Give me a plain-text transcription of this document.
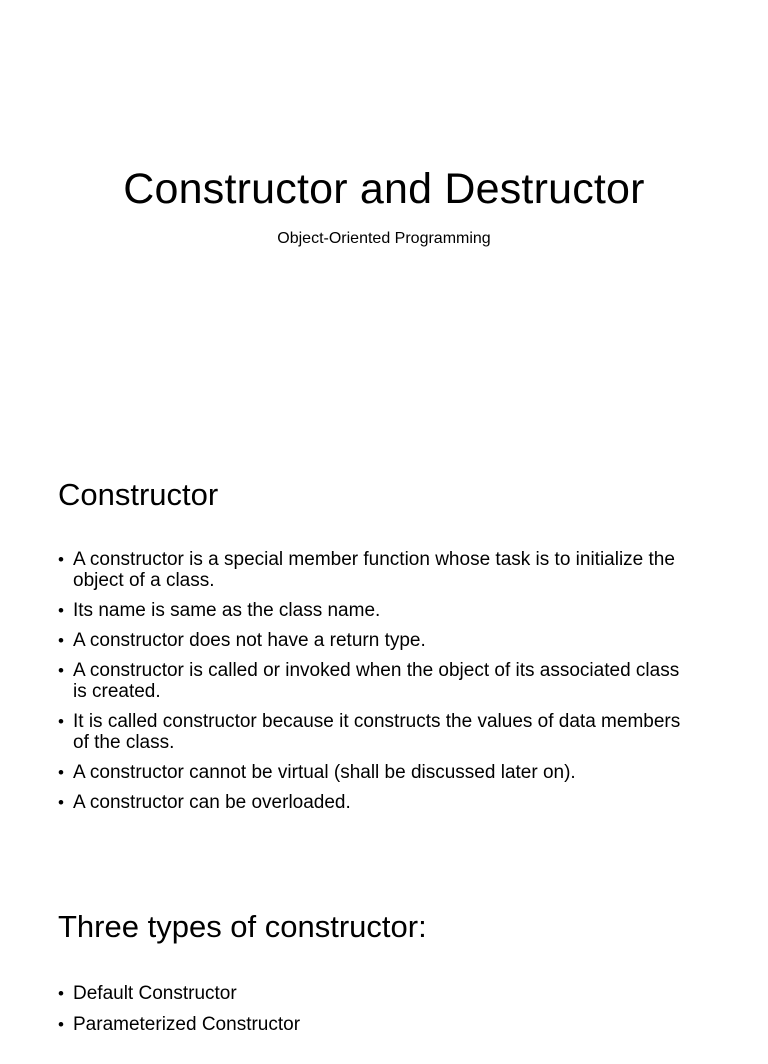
Constructor and Destructor

Object-Oriented Programming

Constructor
• A constructor is a special member function whose task is to initialize the object of a class.
• Its name is same as the class name.
• A constructor does not have a return type.
• A constructor is called or invoked when the object of its associated class is created.
• It is called constructor because it constructs the values of data members of the class.
• A constructor cannot be virtual (shall be discussed later on).
• A constructor can be overloaded.
Three types of constructor:
• Default Constructor
• Parameterized Constructor
